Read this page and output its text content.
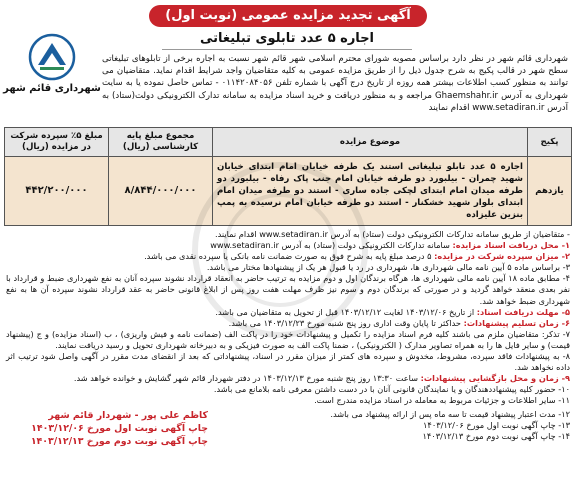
آگهی تجدید مزایده عمومی (نوبت اول)
اجاره ۵ عدد تابلوی تبلیغاتی
شهرداری قائم شهر در نظر دارد براساس مصوبه شورای محترم اسلامی شهر قائم شهر نسبت به اجاره برخی از تابلوهای تبلیغاتی سطح شهر در قالب پکیج به شرح جدول ذیل را از طریق مزایده عمومی به کلیه متقاضیان واجد شرایط اقدام نماید. متقاضیان می توانند به منظور کسب اطلاعات بیشتر همه روزه از تاریخ درج آگهی با شماره تلفن ۰۱۱۴۲۰۸۴۰۵۶ - تماس حاصل نموده یا به سایت شهرداری به آدرس Ghaemshahr.ir مراجعه و به منظور دریافت و خرید اسناد مزایده به سامانه تدارک الکترونیکی دولت(ستاد) به آدرس www.setadiran.ir اقدام نمایند
شهرداری قائم شهر
پکیج	موضوع مزایده	مجموع مبلغ پایه کارشناسی (ریال)	مبلغ ۵٪ سپرده شرکت در مزایده (ریال)
یازدهم	اجاره ۵ عدد تابلو تبلیغاتی استند یک طرفه خیابان امام ابتدای خیابان شهید چمران - بیلبورد دو طرفه خیابان امام جنب پاک رفاه - بیلبورد دو طرفه میدان امام ابتدای لچکی جاده ساری - استند دو طرفه میدان امام ابتدای بلوار شهید خشکنار - استند دو طرفه خیابان امام نرسیده به پمپ بنزین علیزاده	۸/۸۴۴/۰۰۰/۰۰۰	۴۴۲/۲۰۰/۰۰۰

- متقاضیان از طریق سامانه تدارکات الکترونیکی دولت (ستاد) به آدرس www.setadiran.ir اقدام نمایند.

۱- محل دریافت اسناد مزایده: سامانه تدارکات الکترونیکی دولت (ستاد) به آدرس www.setadiran.ir

۲- میزان سپرده شرکت در مزایده: ۵ درصد مبلغ پایه به شرح فوق به صورت ضمانت نامه بانکی یا سپرده نقدی می باشد.

۳- براساس ماده ۵ آیین نامه مالی شهرداری ها، شهرداری در رد یا قبول هر یک از پیشنهادها مختار می باشد.

۴- مطابق ماده ۱۸ آیین نامه مالی شهرداری ها، هرگاه برندگان اول و دوم مزایده به ترتیب حاضر به انعقاد قرارداد نشوند سپرده آنان به نفع شهرداری ضبط و قرارداد با نفر بعدی منعقد خواهد گردید و در صورتی که برندگان دوم و سوم نیز ظرف مهلت هفت روز پس از ابلاغ قانونی حاضر به عقد قرارداد نشوند سپرده آن ها به نفع شهرداری ضبط خواهد شد.

۵- مهلت دریافت اسناد: از تاریخ ۱۴۰۳/۱۲/۰۶ لغایت ۱۴۰۳/۱۲/۱۲ قبل از تحویل به متقاضیان می باشد.

۶- زمان تسلیم پیشنهادات: حداکثر تا پایان وقت اداری روز پنج شنبه مورخ ۱۴۰۳/۱۲/۲۳ می باشد.

۷- تذکر: متقاضیان ملزم می باشند کلیه فرم اسناد مزایده را تکمیل و پیشنهادات خود را در پاکت الف (ضمانت نامه و فیش واریزی) ، ب (اسناد مزایده) و ج (پیشنهاد قیمت) و سایر فایل ها را به همراه تصاویر مدارک ( الکترونیکی) ، ضمنا پاکت الف به صورت فیزیکی و به دبیرخانه شهرداری تحویل و رسید دریافت نمایند.

۸- به پیشنهادات فاقد سپرده، مشروط، مخدوش و سپرده های کمتر از میزان مقرر در اسناد، پیشنهاداتی که بعد از انقضای مدت مقرر در آگهی واصل شود ترتیب اثر داده نخواهد شد.

۹- زمان و محل بازگشایی پیشنهادات: ساعت ۱۳:۳۰ روز پنج شنبه مورخ ۱۴۰۳/۱۲/۱۳ در دفتر شهردار قائم شهر گشایش و خوانده خواهد شد.

۱۰- حضور کلیه پیشنهاددهندگان و یا نمایندگان قانونی آنان با در دست داشتن معرفی نامه بلامانع می باشد.

۱۱- سایر اطلاعات و جزئیات مربوط به معامله در اسناد مزایده مندرج است.

۱۲- مدت اعتبار پیشنهاد قیمت تا سه ماه پس از ارائه پیشنهاد می باشد.

۱۳- چاپ آگهی نوبت اول مورخ ۱۴۰۳/۱۲/۰۶

۱۴- چاپ آگهی نوبت دوم مورخ ۱۴۰۳/۱۲/۱۳

کاظم علی پور - شهردار قائم شهر
چاپ آگهی نوبت اول مورخ ۱۴۰۳/۱۲/۰۶
چاپ آگهی نوبت دوم مورخ ۱۴۰۳/۱۲/۱۳
